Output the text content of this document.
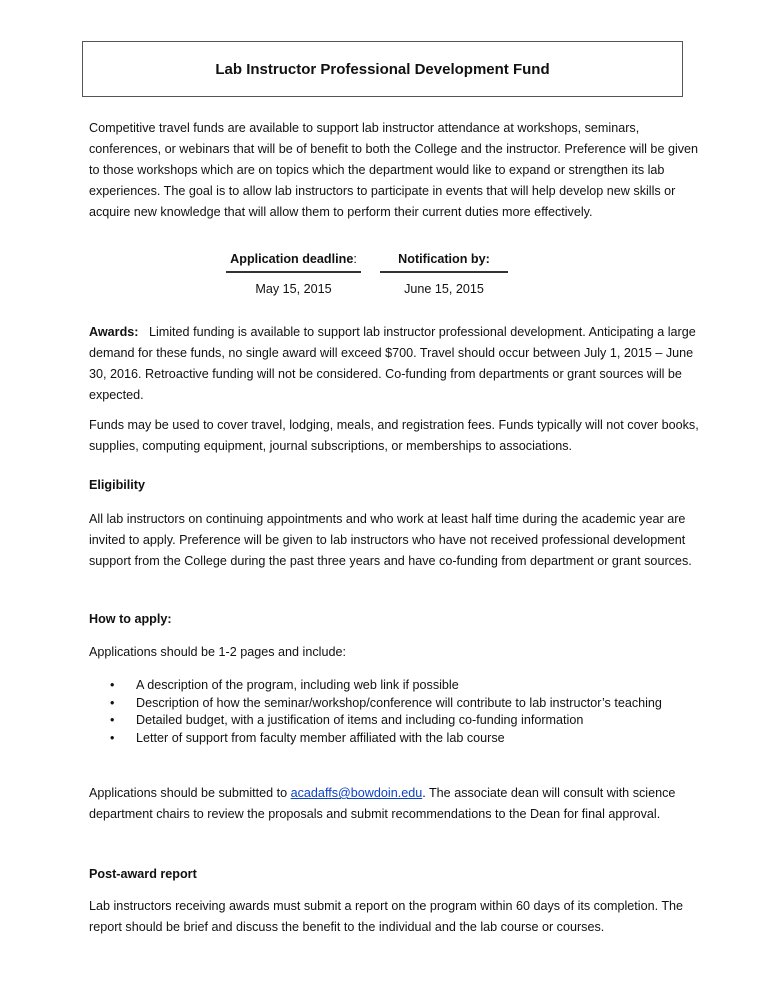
Lab Instructor Professional Development Fund

Competitive travel funds are available to support lab instructor attendance at workshops, seminars, conferences, or webinars that will be of benefit to both the College and the instructor. Preference will be given to those workshops which are on topics which the department would like to expand or strengthen its lab experiences. The goal is to allow lab instructors to participate in events that will help develop new skills or acquire new knowledge that will allow them to perform their current duties more effectively.

Application deadline:
May 15, 2015
Notification by:
June 15, 2015

Awards: Limited funding is available to support lab instructor professional development. Anticipating a large demand for these funds, no single award will exceed $700. Travel should occur between July 1, 2015 – June 30, 2016. Retroactive funding will not be considered. Co-funding from departments or grant sources will be expected.

Funds may be used to cover travel, lodging, meals, and registration fees. Funds typically will not cover books, supplies, computing equipment, journal subscriptions, or memberships to associations.

Eligibility

All lab instructors on continuing appointments and who work at least half time during the academic year are invited to apply. Preference will be given to lab instructors who have not received professional development support from the College during the past three years and have co-funding from department or grant sources.

How to apply:

Applications should be 1-2 pages and include:

• A description of the program, including web link if possible
• Description of how the seminar/workshop/conference will contribute to lab instructor’s teaching
• Detailed budget, with a justification of items and including co-funding information
• Letter of support from faculty member affiliated with the lab course

Applications should be submitted to acadaffs@bowdoin.edu. The associate dean will consult with science department chairs to review the proposals and submit recommendations to the Dean for final approval.

Post-award report

Lab instructors receiving awards must submit a report on the program within 60 days of its completion. The report should be brief and discuss the benefit to the individual and the lab course or courses.
